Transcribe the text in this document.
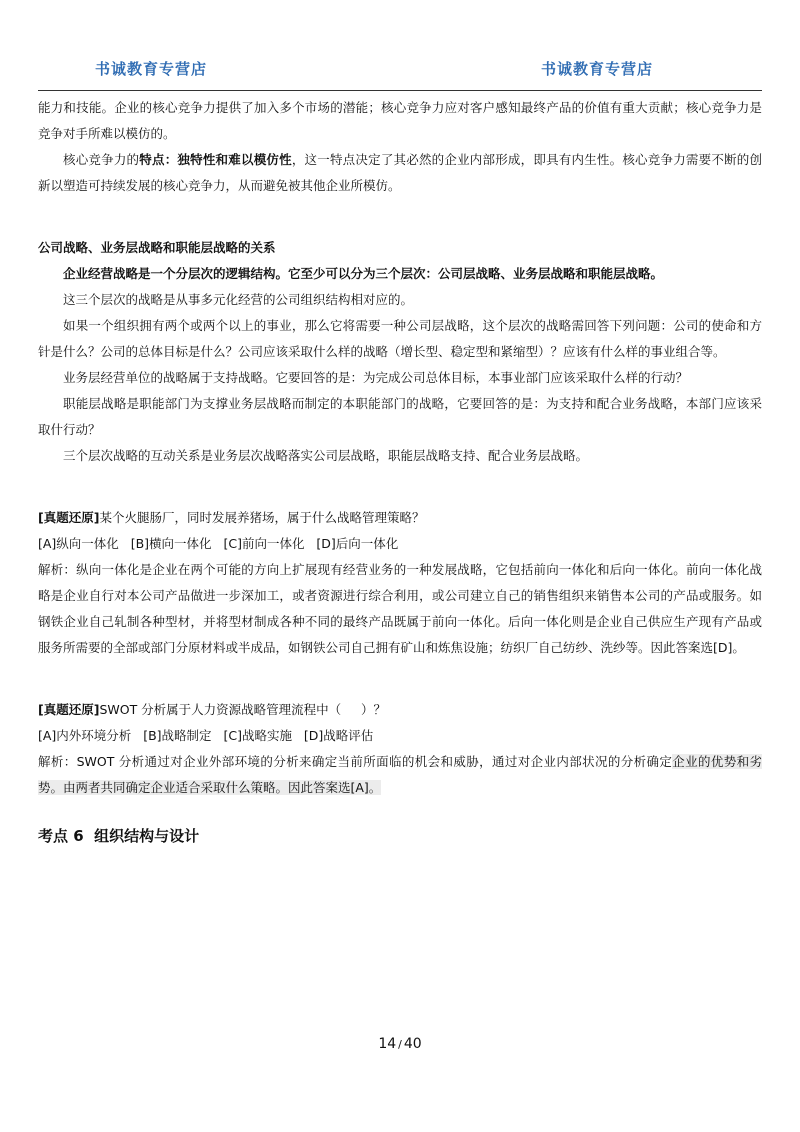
书诚教育专营店	书诚教育专营店

能力和技能。企业的核心竞争力提供了加入多个市场的潜能；核心竞争力应对客户感知最终产品的价值有重大贡献；核心竞争力是竞争对手所难以模仿的。

核心竞争力的特点：独特性和难以模仿性，这一特点决定了其必然的企业内部形成，即具有内生性。核心竞争力需要不断的创新以塑造可持续发展的核心竞争力，从而避免被其他企业所模仿。

公司战略、业务层战略和职能层战略的关系

企业经营战略是一个分层次的逻辑结构。它至少可以分为三个层次：公司层战略、业务层战略和职能层战略。

这三个层次的战略是从事多元化经营的公司组织结构相对应的。

如果一个组织拥有两个或两个以上的事业，那么它将需要一种公司层战略，这个层次的战略需回答下列问题：公司的使命和方针是什么？公司的总体目标是什么？公司应该采取什么样的战略（增长型、稳定型和紧缩型）？应该有什么样的事业组合等。

业务层经营单位的战略属于支持战略。它要回答的是：为完成公司总体目标，本事业部门应该采取什么样的行动？

职能层战略是职能部门为支撑业务层战略而制定的本职能部门的战略，它要回答的是：为支持和配合业务战略，本部门应该采取什行动？

三个层次战略的互动关系是业务层次战略落实公司层战略，职能层战略支持、配合业务层战略。

[真题还原]某个火腿肠厂，同时发展养猪场，属于什么战略管理策略？

[A]纵向一体化   [B]横向一体化   [C]前向一体化   [D]后向一体化

解析：纵向一体化是企业在两个可能的方向上扩展现有经营业务的一种发展战略，它包括前向一体化和后向一体化。前向一体化战略是企业自行对本公司产品做进一步深加工，或者资源进行综合利用，或公司建立自己的销售组织来销售本公司的产品或服务。如钢铁企业自己轧制各种型材，并将型材制成各种不同的最终产品既属于前向一体化。后向一体化则是企业自己供应生产现有产品或服务所需要的全部或部门分原材料或半成品，如钢铁公司自己拥有矿山和炼焦设施；纺织厂自己纺纱、洗纱等。因此答案选[D]。

[真题还原]SWOT 分析属于人力资源战略管理流程中（     ）？

[A]内外环境分析   [B]战略制定   [C]战略实施   [D]战略评估

解析：SWOT 分析通过对企业外部环境的分析来确定当前所面临的机会和威胁，通过对企业内部状况的分析确定企业的优势和劣势。由两者共同确定企业适合采取什么策略。因此答案选[A]。

考点 6  组织结构与设计

14 / 40
